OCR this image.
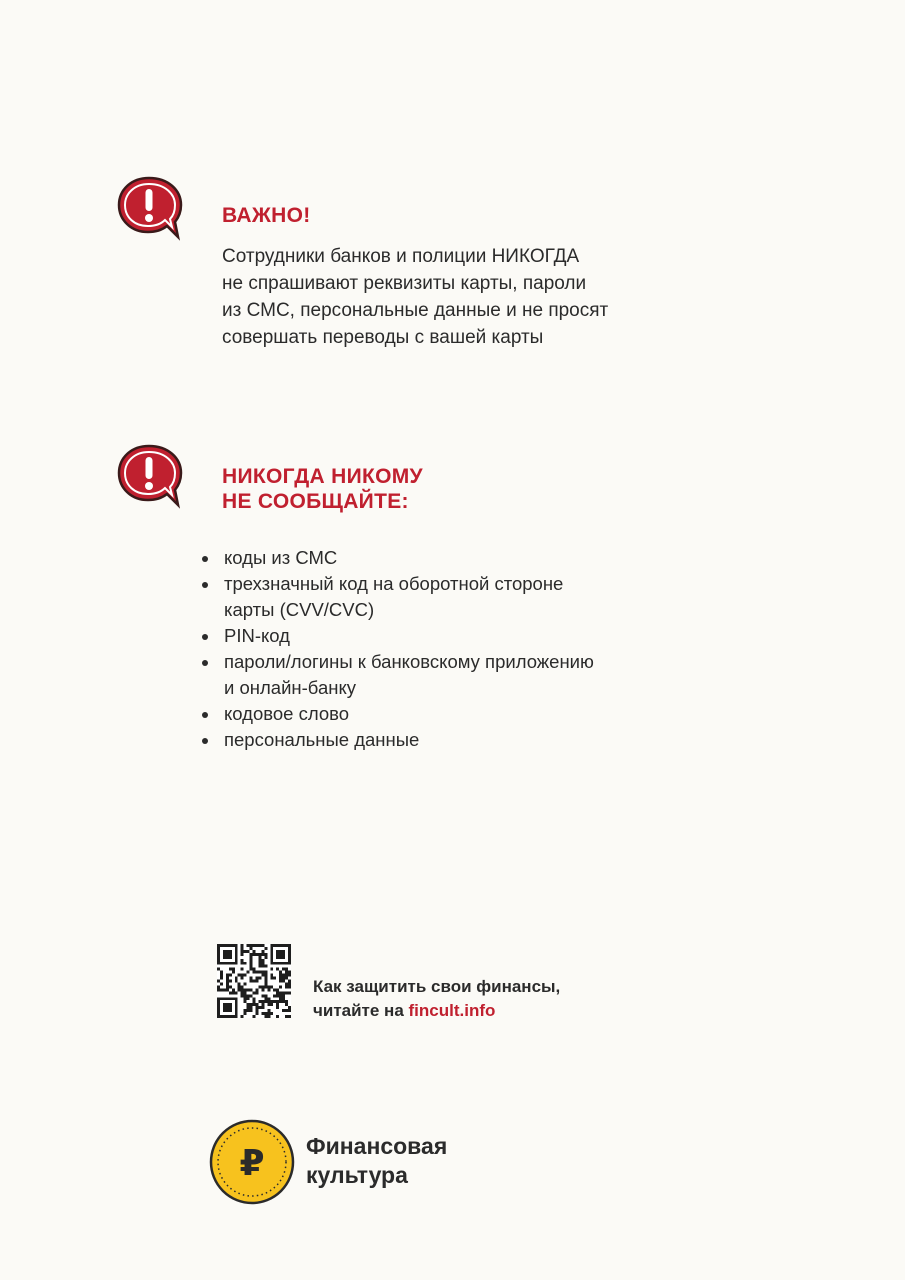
ВАЖНО!

Сотрудники банков и полиции НИКОГДА
не спрашивают реквизиты карты, пароли
из СМС, персональные данные и не просят
совершать переводы с вашей карты

НИКОГДА НИКОМУ
НЕ СООБЩАЙТЕ:
коды из СМС
трехзначный код на оборотной стороне
карты (CVV/CVC)
PIN-код
пароли/логины к банковскому приложению
и онлайн-банку
кодовое слово
персональные данные

Как защитить свои финансы,
читайте на fincult.info

₽ Финансовая
культура
